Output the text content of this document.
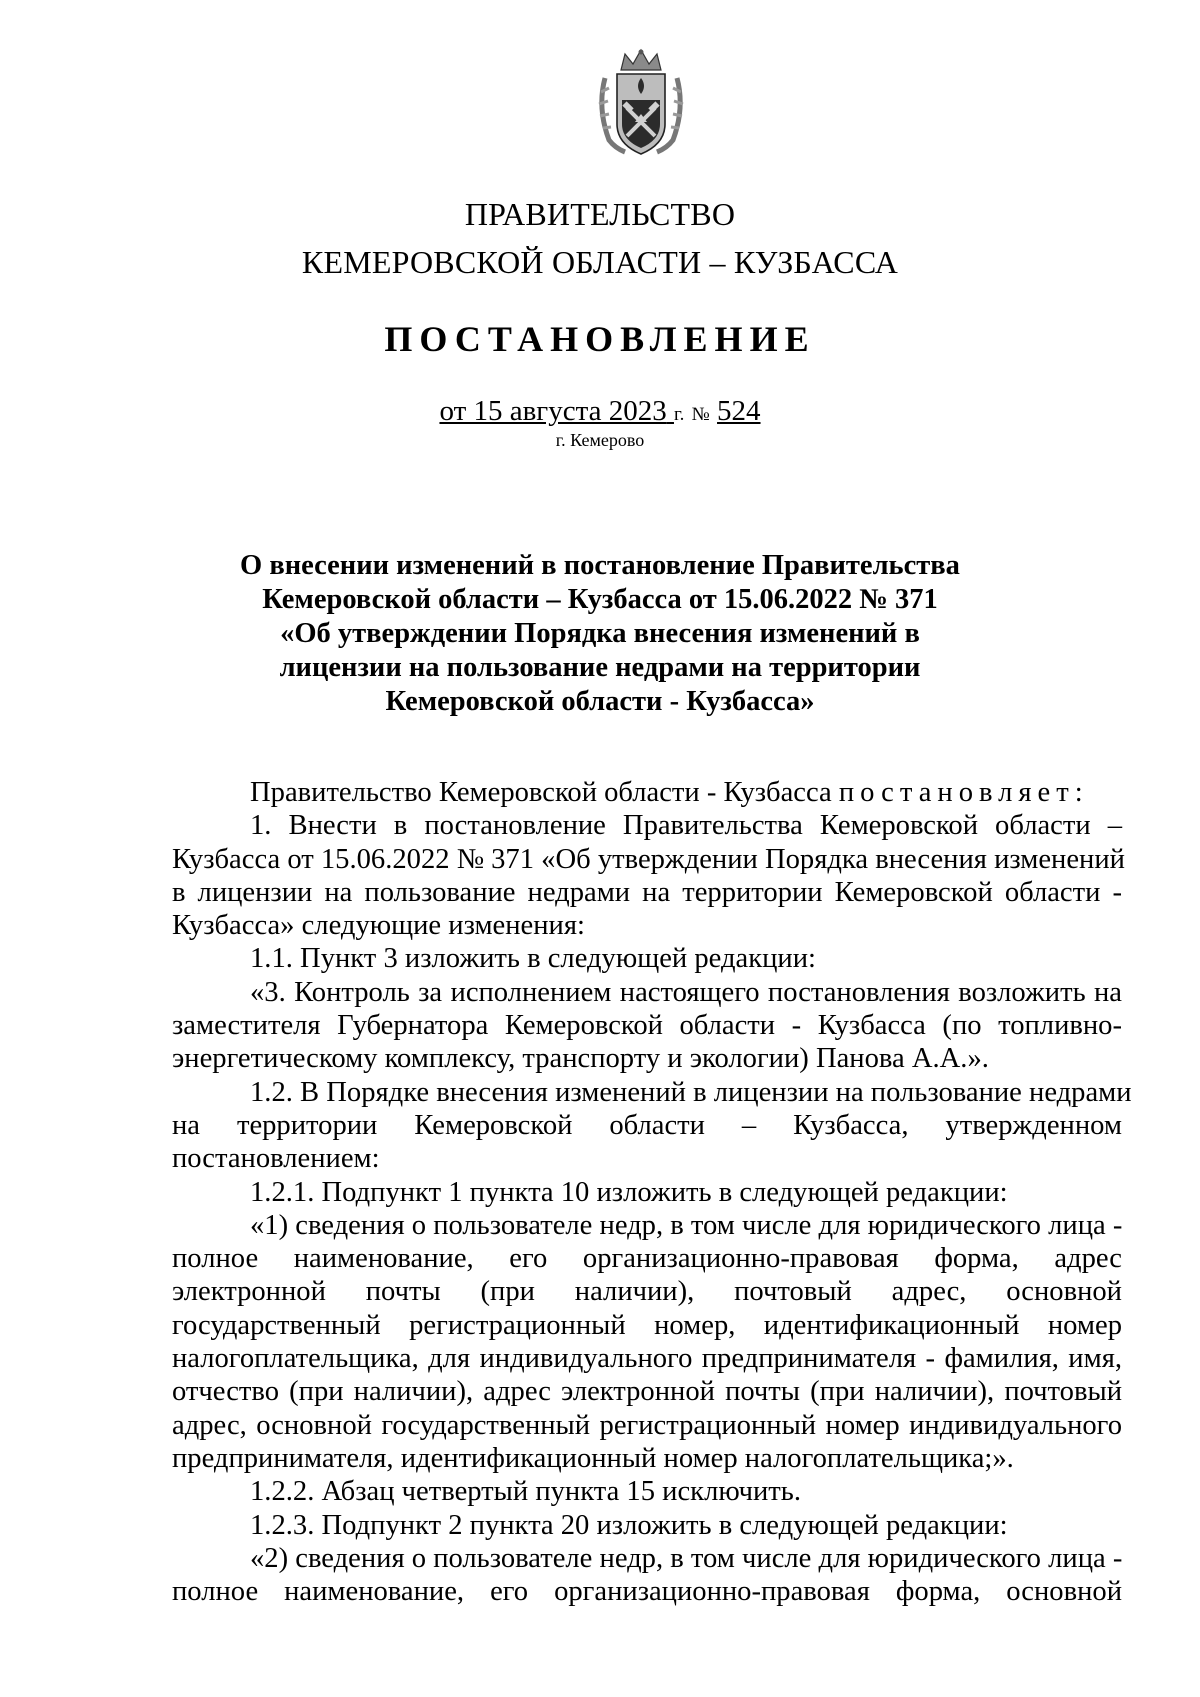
ПРАВИТЕЛЬСТВО
КЕМЕРОВСКОЙ ОБЛАСТИ – КУЗБАССА
ПОСТАНОВЛЕНИЕ
от 15 августа 2023 г. № 524
г. Кемерово
О внесении изменений в постановление Правительства
Кемеровской области – Кузбасса от 15.06.2022 № 371
«Об утверждении Порядка внесения изменений в
лицензии на пользование недрами на территории
Кемеровской области - Кузбасса»
Правительство Кемеровской области - Кузбасса постановляет:
1. Внести в постановление Правительства Кемеровской области –
Кузбасса от 15.06.2022 № 371 «Об утверждении Порядка внесения изменений
в лицензии на пользование недрами на территории Кемеровской области -
Кузбасса» следующие изменения:
1.1. Пункт 3 изложить в следующей редакции:
«3. Контроль за исполнением настоящего постановления возложить на
заместителя Губернатора Кемеровской области - Кузбасса (по топливно-
энергетическому комплексу, транспорту и экологии) Панова А.А.».
1.2. В Порядке внесения изменений в лицензии на пользование недрами
на территории Кемеровской области – Кузбасса, утвержденном
постановлением:
1.2.1. Подпункт 1 пункта 10 изложить в следующей редакции:
«1) сведения о пользователе недр, в том числе для юридического лица -
полное наименование, его организационно-правовая форма, адрес
электронной почты (при наличии), почтовый адрес, основной
государственный регистрационный номер, идентификационный номер
налогоплательщика, для индивидуального предпринимателя - фамилия, имя,
отчество (при наличии), адрес электронной почты (при наличии), почтовый
адрес, основной государственный регистрационный номер индивидуального
предпринимателя, идентификационный номер налогоплательщика;».
1.2.2. Абзац четвертый пункта 15 исключить.
1.2.3. Подпункт 2 пункта 20 изложить в следующей редакции:
«2) сведения о пользователе недр, в том числе для юридического лица -
полное наименование, его организационно-правовая форма, основной
